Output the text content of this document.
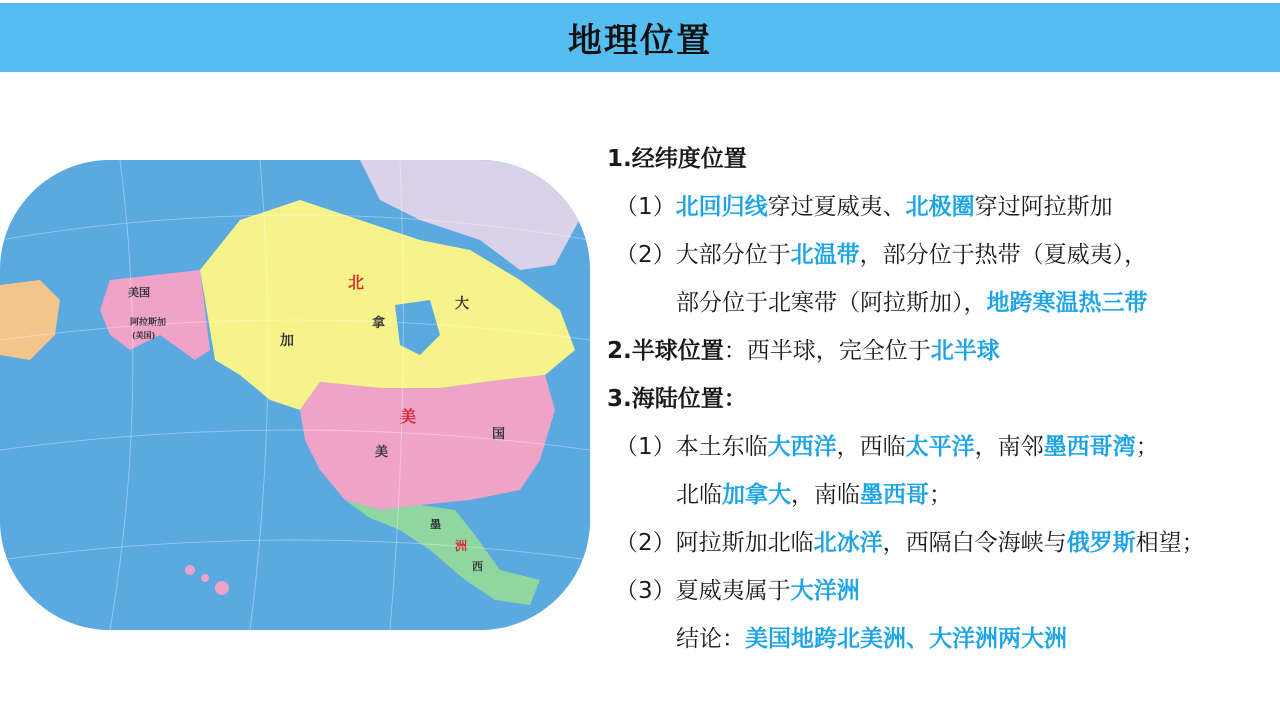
地理位置
美国
阿拉斯加
(美国)
北
大
加
拿
美
国
美
墨
洲
西
1.经纬度位置
（1）北回归线穿过夏威夷、北极圈穿过阿拉斯加
（2）大部分位于北温带，部分位于热带（夏威夷），
部分位于北寒带（阿拉斯加），地跨寒温热三带
2.半球位置：西半球，完全位于北半球
3.海陆位置：
（1）本土东临大西洋，西临太平洋，南邻墨西哥湾；
北临加拿大，南临墨西哥；
（2）阿拉斯加北临北冰洋，西隔白令海峡与俄罗斯相望；
（3）夏威夷属于大洋洲
结论：美国地跨北美洲、大洋洲两大洲
